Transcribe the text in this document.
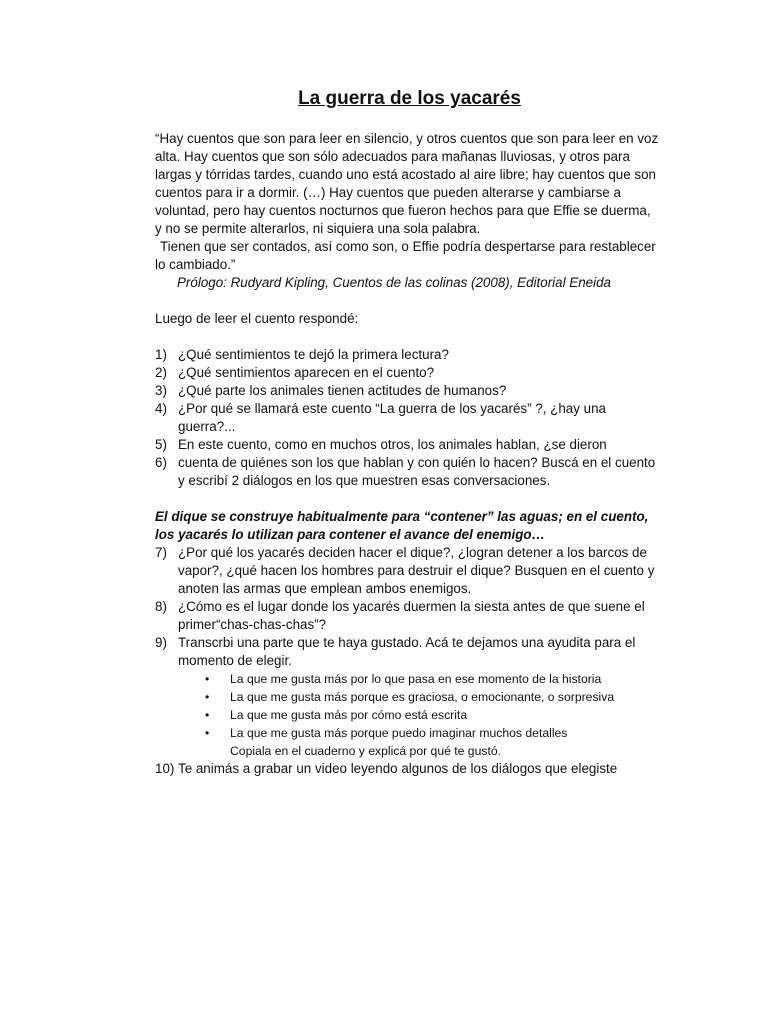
La guerra de los yacarés

“Hay cuentos que son para leer en silencio, y otros cuentos que son para leer en voz alta. Hay cuentos que son sólo adecuados para mañanas lluviosas, y otros para largas y tórridas tardes, cuando uno está acostado al aire libre; hay cuentos que son cuentos para ir a dormir. (…) Hay cuentos que pueden alterarse y cambiarse a voluntad, pero hay cuentos nocturnos que fueron hechos para que Effie se duerma, y no se permite alterarlos, ni siquiera una sola palabra.

Tienen que ser contados, así como son, o Effie podría despertarse para restablecer lo cambiado.”

Prólogo: Rudyard Kipling, Cuentos de las colinas (2008), Editorial Eneida
Luego de leer el cuento respondé:
1) ¿Qué sentimientos te dejó la primera lectura?
2) ¿Qué sentimientos aparecen en el cuento?
3) ¿Qué parte los animales tienen actitudes de humanos?
4) ¿Por qué se llamará este cuento “La guerra de los yacarés” ?, ¿hay una guerra?...
5) En este cuento, como en muchos otros, los animales hablan, ¿se dieron
6) cuenta de quiénes son los que hablan y con quién lo hacen? Buscá en el cuento y escribí 2 diálogos en los que muestren esas conversaciones.
El dique se construye habitualmente para “contener” las aguas; en el cuento, los yacarés lo utilizan para contener el avance del enemigo…
7) ¿Por qué los yacarés deciden hacer el dique?, ¿logran detener a los barcos de vapor?, ¿qué hacen los hombres para destruir el dique? Busquen en el cuento y anoten las armas que emplean ambos enemigos.
8) ¿Cómo es el lugar donde los yacarés duermen la siesta antes de que suene el primer“chas-chas-chas”?
9) Transcrbi una parte que te haya gustado. Acá te dejamos una ayudita para el momento de elegir.
• La que me gusta más por lo que pasa en ese momento de la historia
• La que me gusta más porque es graciosa, o emocionante, o sorpresiva
• La que me gusta más por cómo está escrita
• La que me gusta más porque puedo imaginar muchos detalles
Copiala en el cuaderno y explicá por qué te gustó.
10) Te animás a grabar un video leyendo algunos de los diálogos que elegiste
